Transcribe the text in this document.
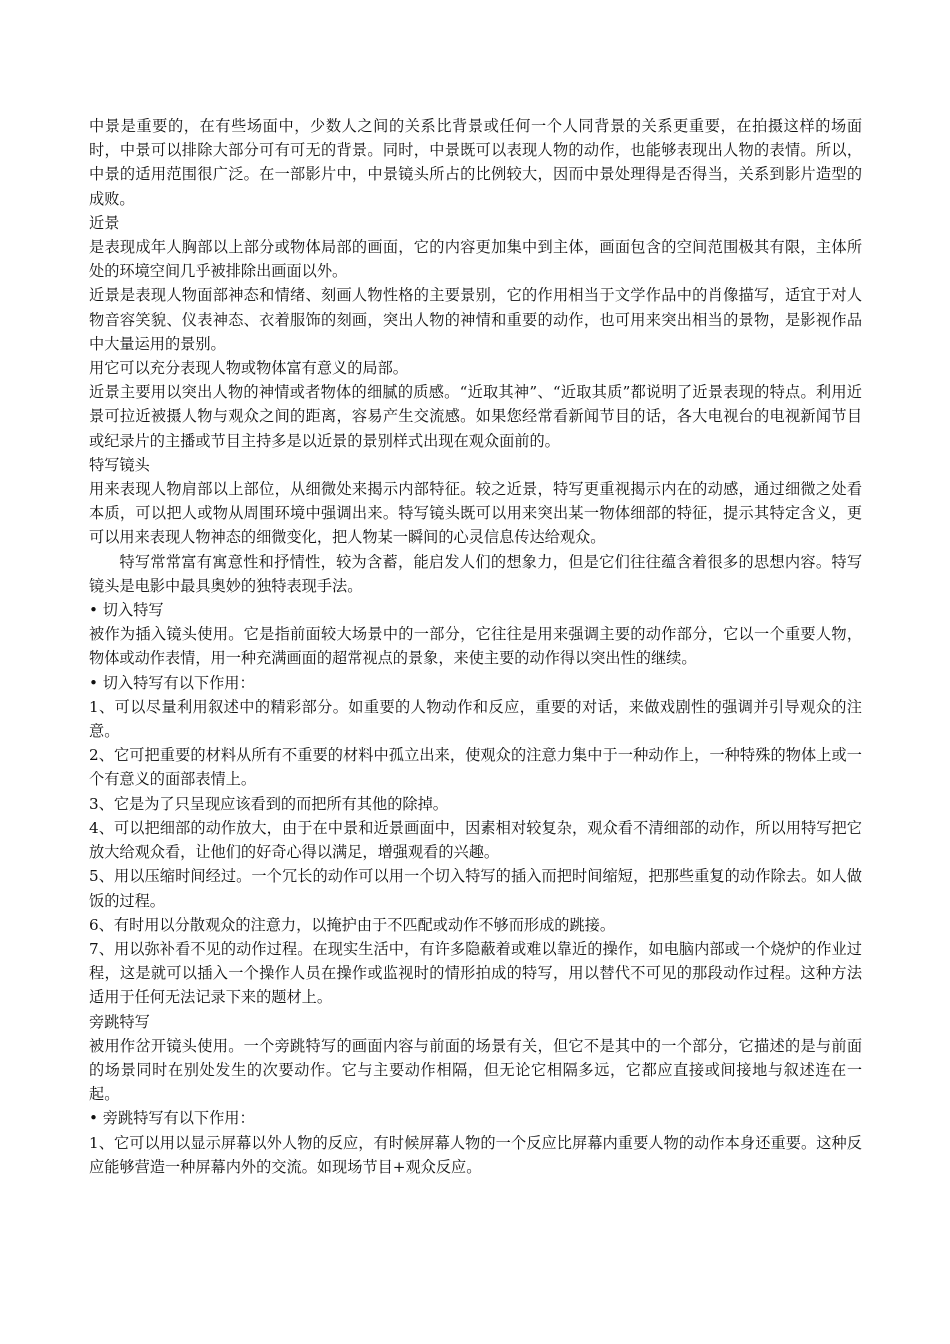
中景是重要的，在有些场面中，少数人之间的关系比背景或任何一个人同背景的关系更重要，在拍摄这样的场面时，中景可以排除大部分可有可无的背景。同时，中景既可以表现人物的动作，也能够表现出人物的表情。所以，中景的适用范围很广泛。在一部影片中，中景镜头所占的比例较大，因而中景处理得是否得当，关系到影片造型的成败。

近景

是表现成年人胸部以上部分或物体局部的画面，它的内容更加集中到主体，画面包含的空间范围极其有限，主体所处的环境空间几乎被排除出画面以外。

近景是表现人物面部神态和情绪、刻画人物性格的主要景别，它的作用相当于文学作品中的肖像描写，适宜于对人物音容笑貌、仪表神态、衣着服饰的刻画，突出人物的神情和重要的动作，也可用来突出相当的景物，是影视作品中大量运用的景别。

用它可以充分表现人物或物体富有意义的局部。

近景主要用以突出人物的神情或者物体的细腻的质感。“近取其神”、“近取其质”都说明了近景表现的特点。利用近景可拉近被摄人物与观众之间的距离，容易产生交流感。如果您经常看新闻节目的话，各大电视台的电视新闻节目或纪录片的主播或节目主持多是以近景的景别样式出现在观众面前的。

特写镜头

用来表现人物肩部以上部位，从细微处来揭示内部特征。较之近景，特写更重视揭示内在的动感，通过细微之处看本质，可以把人或物从周围环境中强调出来。特写镜头既可以用来突出某一物体细部的特征，提示其特定含义，更可以用来表现人物神态的细微变化，把人物某一瞬间的心灵信息传达给观众。

特写常常富有寓意性和抒情性，较为含蓄，能启发人们的想象力，但是它们往往蕴含着很多的思想内容。特写镜头是电影中最具奥妙的独特表现手法。

• 切入特写

被作为插入镜头使用。它是指前面较大场景中的一部分，它往往是用来强调主要的动作部分，它以一个重要人物，物体或动作表情，用一种充满画面的超常视点的景象，来使主要的动作得以突出性的继续。

• 切入特写有以下作用：

1、可以尽量利用叙述中的精彩部分。如重要的人物动作和反应，重要的对话，来做戏剧性的强调并引导观众的注意。

2、它可把重要的材料从所有不重要的材料中孤立出来，使观众的注意力集中于一种动作上，一种特殊的物体上或一个有意义的面部表情上。

3、它是为了只呈现应该看到的而把所有其他的除掉。

4、可以把细部的动作放大，由于在中景和近景画面中，因素相对较复杂，观众看不清细部的动作，所以用特写把它放大给观众看，让他们的好奇心得以满足，增强观看的兴趣。

5、用以压缩时间经过。一个冗长的动作可以用一个切入特写的插入而把时间缩短，把那些重复的动作除去。如人做饭的过程。

6、有时用以分散观众的注意力，以掩护由于不匹配或动作不够而形成的跳接。

7、用以弥补看不见的动作过程。在现实生活中，有许多隐蔽着或难以靠近的操作，如电脑内部或一个烧炉的作业过程，这是就可以插入一个操作人员在操作或监视时的情形拍成的特写，用以替代不可见的那段动作过程。这种方法适用于任何无法记录下来的题材上。

旁跳特写

被用作岔开镜头使用。一个旁跳特写的画面内容与前面的场景有关，但它不是其中的一个部分，它描述的是与前面的场景同时在别处发生的次要动作。它与主要动作相隔，但无论它相隔多远，它都应直接或间接地与叙述连在一起。

• 旁跳特写有以下作用：

1、它可以用以显示屏幕以外人物的反应，有时候屏幕人物的一个反应比屏幕内重要人物的动作本身还重要。这种反应能够营造一种屏幕内外的交流。如现场节目+观众反应。
